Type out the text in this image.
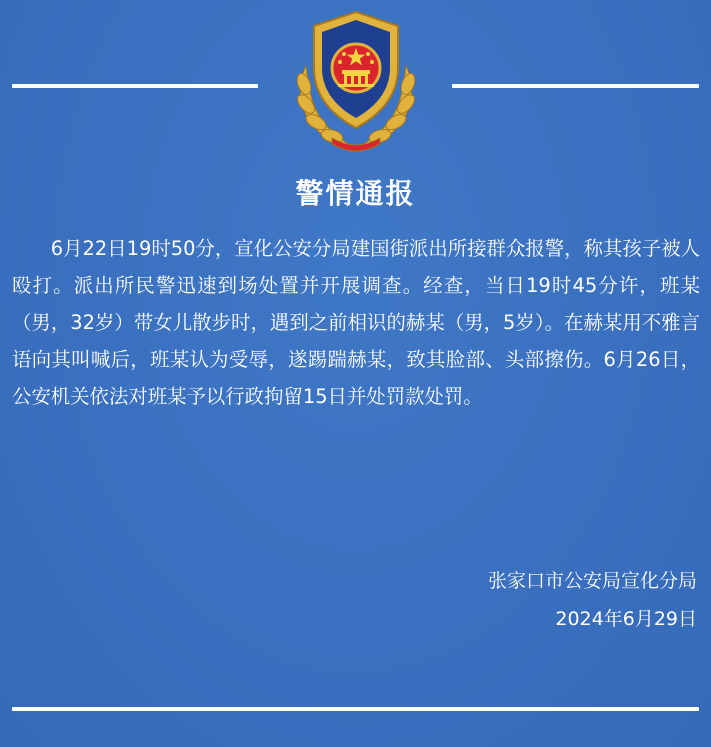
警情通报

6月22日19时50分，宣化公安分局建国街派出所接群众报警，称其孩子被人殴打。派出所民警迅速到场处置并开展调查。经查，当日19时45分许，班某（男，32岁）带女儿散步时，遇到之前相识的赫某（男，5岁）。在赫某用不雅言语向其叫喊后，班某认为受辱，遂踢踹赫某，致其脸部、头部擦伤。6月26日，公安机关依法对班某予以行政拘留15日并处罚款处罚。

张家口市公安局宣化分局
2024年6月29日
